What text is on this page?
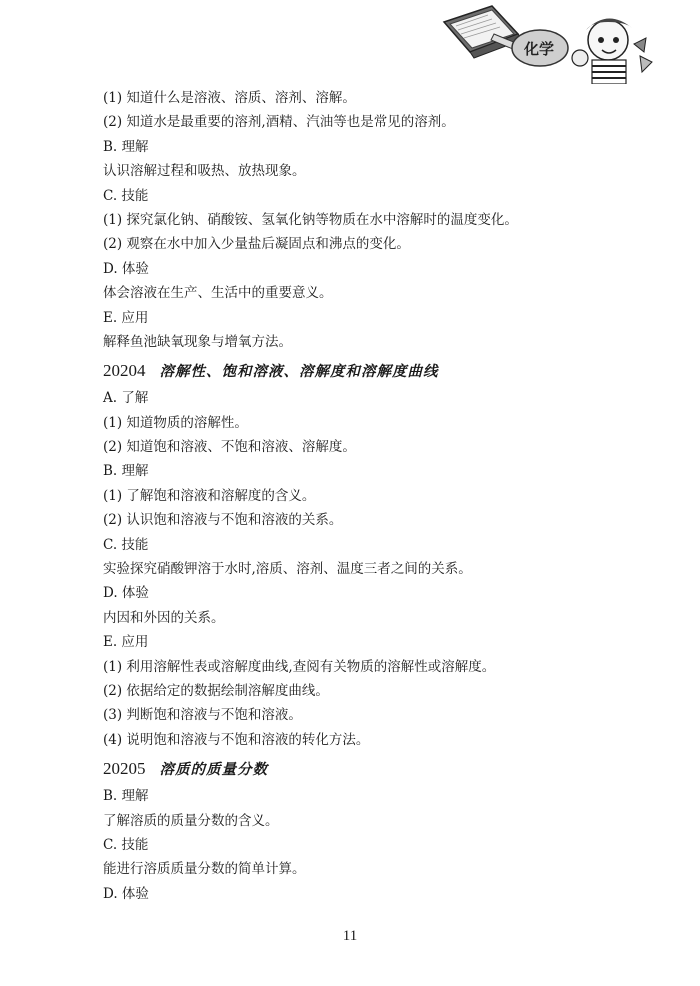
化学
(1) 知道什么是溶液、溶质、溶剂、溶解。
(2) 知道水是最重要的溶剂,酒精、汽油等也是常见的溶剂。
B. 理解
认识溶解过程和吸热、放热现象。
C. 技能
(1) 探究氯化钠、硝酸铵、氢氧化钠等物质在水中溶解时的温度变化。
(2) 观察在水中加入少量盐后凝固点和沸点的变化。
D. 体验
体会溶液在生产、生活中的重要意义。
E. 应用
解释鱼池缺氧现象与增氧方法。
20204 溶解性、饱和溶液、溶解度和溶解度曲线
A. 了解
(1) 知道物质的溶解性。
(2) 知道饱和溶液、不饱和溶液、溶解度。
B. 理解
(1) 了解饱和溶液和溶解度的含义。
(2) 认识饱和溶液与不饱和溶液的关系。
C. 技能
实验探究硝酸钾溶于水时,溶质、溶剂、温度三者之间的关系。
D. 体验
内因和外因的关系。
E. 应用
(1) 利用溶解性表或溶解度曲线,查阅有关物质的溶解性或溶解度。
(2) 依据给定的数据绘制溶解度曲线。
(3) 判断饱和溶液与不饱和溶液。
(4) 说明饱和溶液与不饱和溶液的转化方法。
20205 溶质的质量分数
B. 理解
了解溶质的质量分数的含义。
C. 技能
能进行溶质质量分数的简单计算。
D. 体验
11
